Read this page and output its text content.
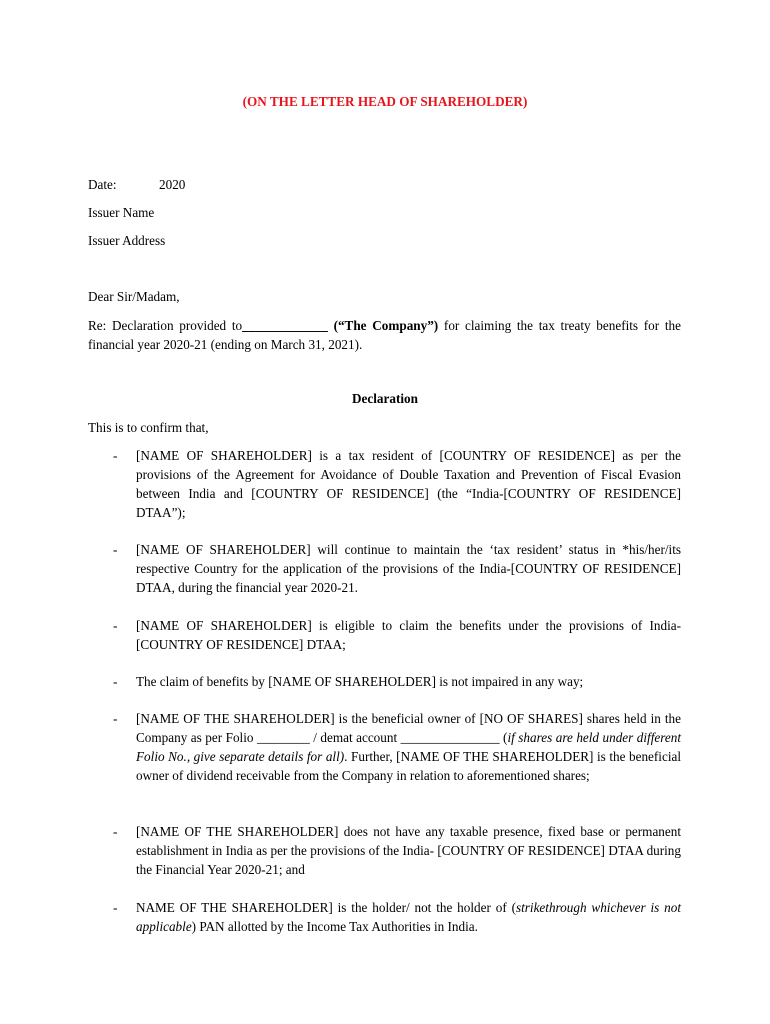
(ON THE LETTER HEAD OF SHAREHOLDER)
Date:	2020
Issuer Name
Issuer Address
Dear Sir/Madam,
Re: Declaration provided to_____________ (“The Company”) for claiming the tax treaty benefits for the financial year 2020-21 (ending on March 31, 2021).
Declaration
This is to confirm that,
- [NAME OF SHAREHOLDER] is a tax resident of [COUNTRY OF RESIDENCE] as per the provisions of the Agreement for Avoidance of Double Taxation and Prevention of Fiscal Evasion between India and [COUNTRY OF RESIDENCE] (the “India-[COUNTRY OF RESIDENCE] DTAA”);
- [NAME OF SHAREHOLDER] will continue to maintain the ‘tax resident’ status in *his/her/its respective Country for the application of the provisions of the India-[COUNTRY OF RESIDENCE] DTAA, during the financial year 2020-21.
- [NAME OF SHAREHOLDER] is eligible to claim the benefits under the provisions of India-[COUNTRY OF RESIDENCE] DTAA;
- The claim of benefits by [NAME OF SHAREHOLDER] is not impaired in any way;
- [NAME OF THE SHAREHOLDER] is the beneficial owner of [NO OF SHARES] shares held in the Company as per Folio ________ / demat account _______________ (if shares are held under different Folio No., give separate details for all). Further, [NAME OF THE SHAREHOLDER] is the beneficial owner of dividend receivable from the Company in relation to aforementioned shares;
- [NAME OF THE SHAREHOLDER] does not have any taxable presence, fixed base or permanent establishment in India as per the provisions of the India- [COUNTRY OF RESIDENCE] DTAA during the Financial Year 2020-21; and
- NAME OF THE SHAREHOLDER] is the holder/ not the holder of (strikethrough whichever is not applicable) PAN allotted by the Income Tax Authorities in India.
